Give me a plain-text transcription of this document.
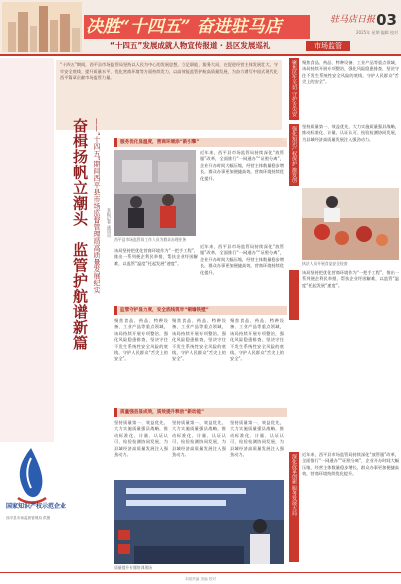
决胜“十四五” 奋进驻马店
“十四五”发展成就人物宣传报道 · 县区发展巡礼	市场监管
驻马店日报 03
2025年 星期 编辑 校对
“十四五”期间，西平县市场监管局坚持以人民为中心的发展思想，立足职能、服务大局，在促进经营主体发展壮大、守牢安全底线、提升质量水平、优化营商环境等方面持续发力，以高效能监管护航高质量发展，为奋力谱写中国式现代化西平篇章贡献市场监管力量。
奋楫扬帆立潮头　监管护航谱新篇 ——“十四五”期间西平县市场监督管理局高质量发展纪实	本报记者 通讯员
服务优化显温度，营商环境添“新引擎”
西平县市场监管局工作人员为群众办理业务
近年来，西平县市场监管局持续深化“放管服”改革，全面推行“一网通办”“证照分离”，企业开办时间大幅压缩，经营主体数量稳步增长，群众办事更加便捷高效，营商环境持续优化提升。
该局坚持把优化营商环境作为“一把手工程”，推出一系列便企利民举措，帮扶企业纾困解难，以监管“温度”托起发展“速度”。
近年来，西平县市场监管局持续深化“放管服”改革，全面推行“一网通办”“证照分离”，企业开办时间大幅压缩，经营主体数量稳步增长，群众办事更加便捷高效，营商环境持续优化提升。
监管守护显力度，安全底线筑牢“铜墙铁壁”
聚焦食品、药品、特种设备、工业产品等重点领域，该局持续开展专项整治，强化风险隐患排查，坚决守住不发生系统性安全风险的底线，守护人民群众“舌尖上的安全”。
聚焦食品、药品、特种设备、工业产品等重点领域，该局持续开展专项整治，强化风险隐患排查，坚决守住不发生系统性安全风险的底线，守护人民群众“舌尖上的安全”。
聚焦食品、药品、特种设备、工业产品等重点领域，该局持续开展专项整治，强化风险隐患排查，坚决守住不发生系统性安全风险的底线，守护人民群众“舌尖上的安全”。
质量强县显成效，质效提升释放“新动能”
坚持质量第一、效益优先，大力实施质量强县战略，推动标准化、计量、认证认可、检验检测协同发展，为县域经济高质量发展注入强劲动力。
坚持质量第一、效益优先，大力实施质量强县战略，推动标准化、计量、认证认可、检验检测协同发展，为县域经济高质量发展注入强劲动力。
坚持质量第一、效益优先，大力实施质量强县战略，推动标准化、计量、认证认可、检验检测协同发展，为县域经济高质量发展注入强劲动力。
质量提升专题培训现场
聚焦民生关切 守护舌尖安全	聚焦食品、药品、特种设备、工业产品等重点领域，该局持续开展专项整治，强化风险隐患排查，坚决守住不发生系统性安全风险的底线，守护人民群众“舌尖上的安全”。
强化知识产权保护 激发创新活力	坚持质量第一、效益优先，大力实施质量强县战略，推动标准化、计量、认证认可、检验检测协同发展，为县域经济高质量发展注入强劲动力。
执法人员开展食品安全检查
该局坚持把优化营商环境作为“一把手工程”，推出一系列便企利民举措，帮扶企业纾困解难，以监管“温度”托起发展“速度”。
深化改革创新 服务发展大局	近年来，西平县市场监管局持续深化“放管服”改革，全面推行“一网通办”“证照分离”，企业开办时间大幅压缩，经营主体数量稳步增长，群众办事更加便捷高效，营商环境持续优化提升。
国家知识产权示范企业
西平县市场监督管理局 供图
本版责编 美编 校对
